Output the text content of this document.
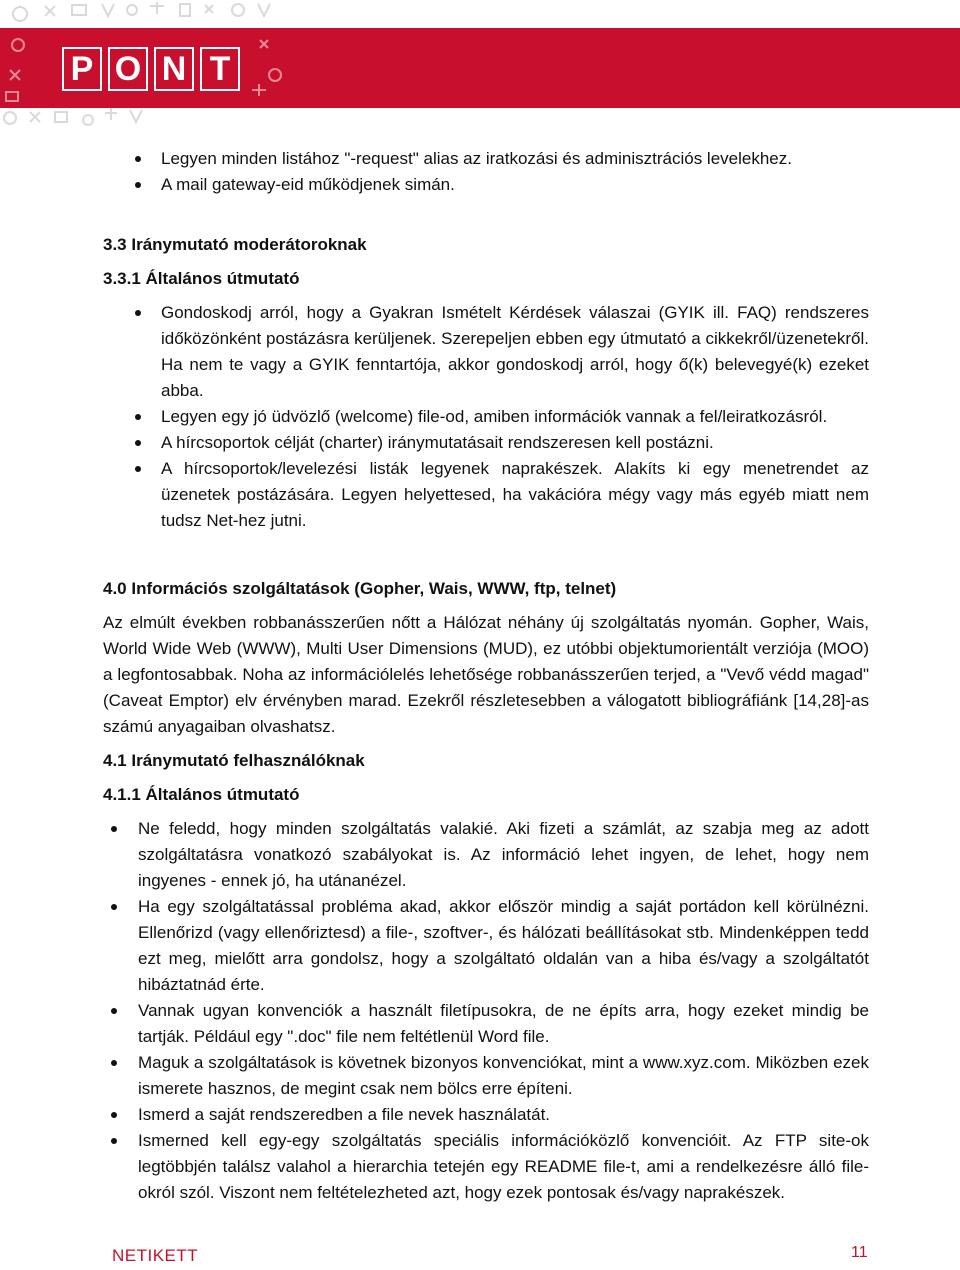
P O N T
Legyen minden listához "-request" alias az iratkozási és adminisztrációs levelekhez.
A mail gateway-eid működjenek simán.
3.3 Iránymutató moderátoroknak
3.3.1 Általános útmutató
Gondoskodj arról, hogy a Gyakran Ismételt Kérdések válaszai (GYIK ill. FAQ) rendszeres időközönként postázásra kerüljenek. Szerepeljen ebben egy útmutató a cikkekről/üzenetekről. Ha nem te vagy a GYIK fenntartója, akkor gondoskodj arról, hogy ő(k) belevegyé(k) ezeket abba.
Legyen egy jó üdvözlő (welcome) file-od, amiben információk vannak a fel/leiratkozásról.
A hírcsoportok célját (charter) iránymutatásait rendszeresen kell postázni.
A hírcsoportok/levelezési listák legyenek naprakészek. Alakíts ki egy menetrendet az üzenetek postázására. Legyen helyettesed, ha vakációra mégy vagy más egyéb miatt nem tudsz Net-hez jutni.
4.0 Információs szolgáltatások (Gopher, Wais, WWW, ftp, telnet)

Az elmúlt években robbanásszerűen nőtt a Hálózat néhány új szolgáltatás nyomán. Gopher, Wais, World Wide Web (WWW), Multi User Dimensions (MUD), ez utóbbi objektumorientált verziója (MOO) a legfontosabbak. Noha az információlelés lehetősége robbanásszerűen terjed, a "Vevő védd magad" (Caveat Emptor) elv érvényben marad. Ezekről részletesebben a válogatott bibliográfiánk [14,28]-as számú anyagaiban olvashatsz.

4.1 Iránymutató felhasználóknak
4.1.1 Általános útmutató
Ne feledd, hogy minden szolgáltatás valakié. Aki fizeti a számlát, az szabja meg az adott szolgáltatásra vonatkozó szabályokat is. Az információ lehet ingyen, de lehet, hogy nem ingyenes - ennek jó, ha utánanézel.
Ha egy szolgáltatással probléma akad, akkor először mindig a saját portádon kell körülnézni. Ellenőrizd (vagy ellenőriztesd) a file-, szoftver-, és hálózati beállításokat stb. Mindenképpen tedd ezt meg, mielőtt arra gondolsz, hogy a szolgáltató oldalán van a hiba és/vagy a szolgáltatót hibáztatnád érte.
Vannak ugyan konvenciók a használt filetípusokra, de ne építs arra, hogy ezeket mindig be tartják. Például egy ".doc" file nem feltétlenül Word file.
Maguk a szolgáltatások is követnek bizonyos konvenciókat, mint a www.xyz.com. Miközben ezek ismerete hasznos, de megint csak nem bölcs erre építeni.
Ismerd a saját rendszeredben a file nevek használatát.
Ismerned kell egy-egy szolgáltatás speciális információközlő konvencióit. Az FTP site-ok legtöbbjén találsz valahol a hierarchia tetején egy README file-t, ami a rendelkezésre álló file-okról szól. Viszont nem feltételezheted azt, hogy ezek pontosak és/vagy naprakészek.
NETIKETT	11
